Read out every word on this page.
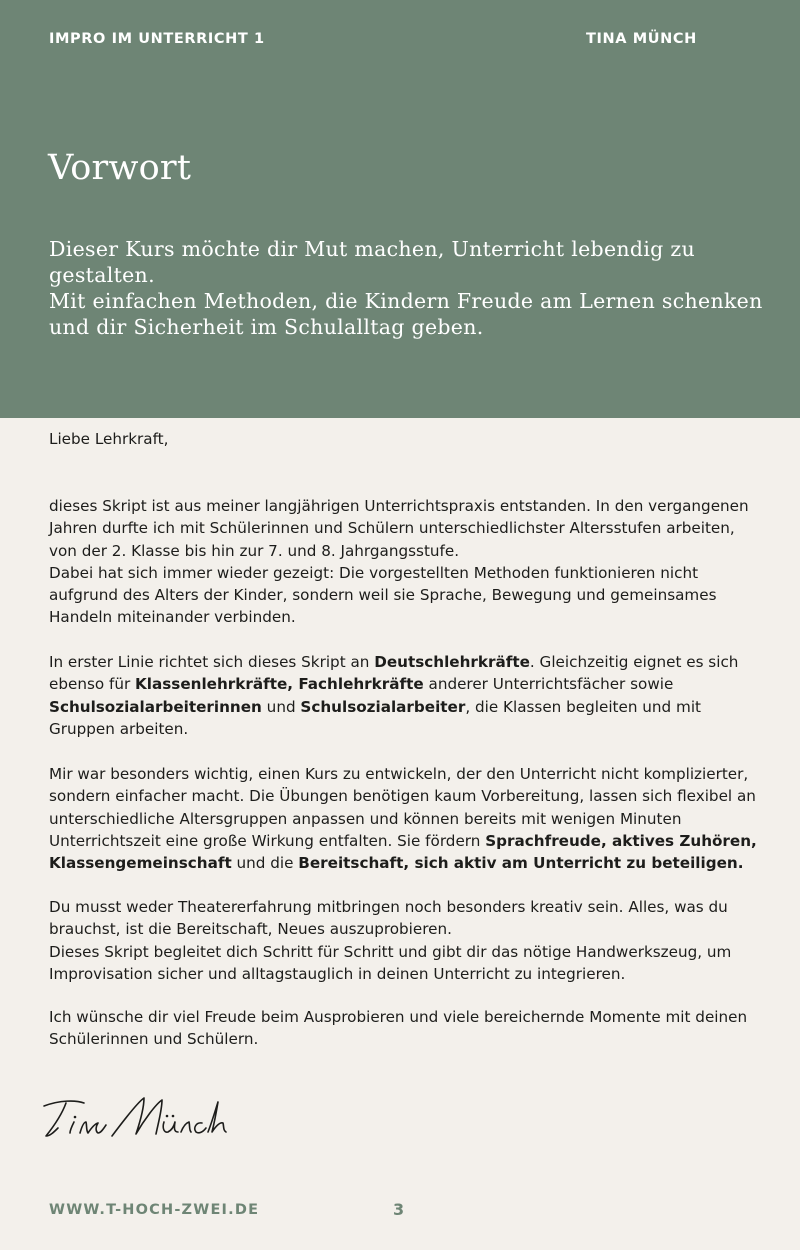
IMPRO IM UNTERRICHT 1	TINA MÜNCH
Vorwort

Dieser Kurs möchte dir Mut machen, Unterricht lebendig zu gestalten.

Mit einfachen Methoden, die Kindern Freude am Lernen schenken und dir Sicherheit im Schulalltag geben.

Liebe Lehrkraft,

dieses Skript ist aus meiner langjährigen Unterrichtspraxis entstanden. In den vergangenen Jahren durfte ich mit Schülerinnen und Schülern unterschiedlichster Altersstufen arbeiten, von der 2. Klasse bis hin zur 7. und 8. Jahrgangsstufe.

Dabei hat sich immer wieder gezeigt: Die vorgestellten Methoden funktionieren nicht aufgrund des Alters der Kinder, sondern weil sie Sprache, Bewegung und gemeinsames Handeln miteinander verbinden.

In erster Linie richtet sich dieses Skript an Deutschlehrkräfte. Gleichzeitig eignet es sich ebenso für Klassenlehrkräfte, Fachlehrkräfte anderer Unterrichtsfächer sowie Schulsozialarbeiterinnen und Schulsozialarbeiter, die Klassen begleiten und mit Gruppen arbeiten.

Mir war besonders wichtig, einen Kurs zu entwickeln, der den Unterricht nicht komplizierter, sondern einfacher macht. Die Übungen benötigen kaum Vorbereitung, lassen sich flexibel an unterschiedliche Altersgruppen anpassen und können bereits mit wenigen Minuten Unterrichtszeit eine große Wirkung entfalten. Sie fördern Sprachfreude, aktives Zuhören, Klassengemeinschaft und die Bereitschaft, sich aktiv am Unterricht zu beteiligen.

Du musst weder Theatererfahrung mitbringen noch besonders kreativ sein. Alles, was du brauchst, ist die Bereitschaft, Neues auszuprobieren.

Dieses Skript begleitet dich Schritt für Schritt und gibt dir das nötige Handwerkszeug, um Improvisation sicher und alltagstauglich in deinen Unterricht zu integrieren.

Ich wünsche dir viel Freude beim Ausprobieren und viele bereichernde Momente mit deinen Schülerinnen und Schülern.

WWW.T-HOCH-ZWEI.DE	3
